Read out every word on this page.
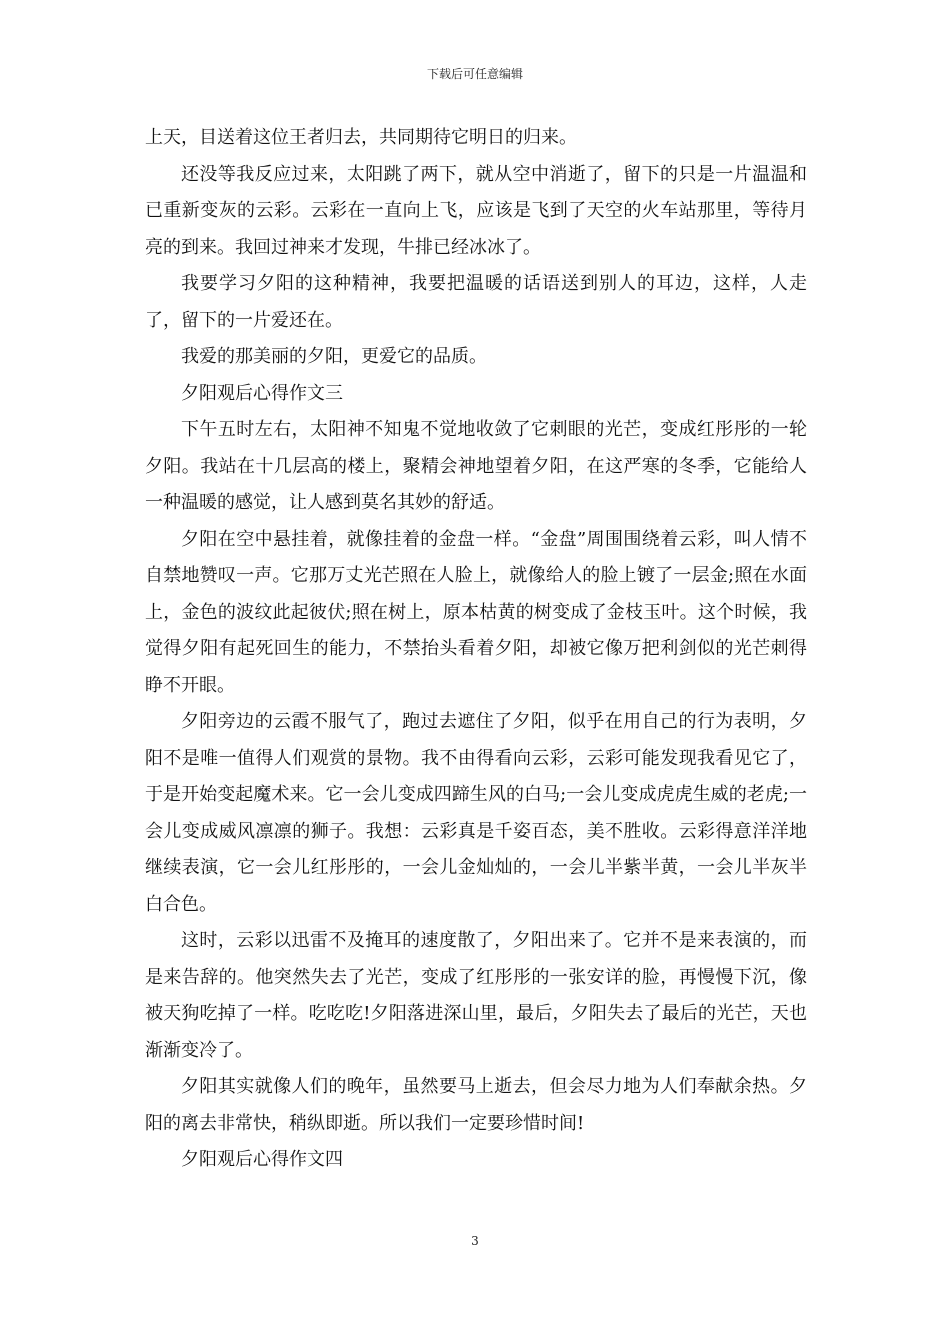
下载后可任意编辑

上天，目送着这位王者归去，共同期待它明日的归来。

还没等我反应过来，太阳跳了两下，就从空中消逝了，留下的只是一片温温和已重新变灰的云彩。云彩在一直向上飞，应该是飞到了天空的火车站那里，等待月亮的到来。我回过神来才发现，牛排已经冰冰了。

我要学习夕阳的这种精神，我要把温暖的话语送到别人的耳边，这样，人走了，留下的一片爱还在。

我爱的那美丽的夕阳，更爱它的品质。

夕阳观后心得作文三

下午五时左右，太阳神不知鬼不觉地收敛了它刺眼的光芒，变成红彤彤的一轮夕阳。我站在十几层高的楼上，聚精会神地望着夕阳，在这严寒的冬季，它能给人一种温暖的感觉，让人感到莫名其妙的舒适。

夕阳在空中悬挂着，就像挂着的金盘一样。“金盘”周围围绕着云彩，叫人情不自禁地赞叹一声。它那万丈光芒照在人脸上，就像给人的脸上镀了一层金;照在水面上，金色的波纹此起彼伏;照在树上，原本枯黄的树变成了金枝玉叶。这个时候，我觉得夕阳有起死回生的能力，不禁抬头看着夕阳，却被它像万把利剑似的光芒刺得睁不开眼。

夕阳旁边的云霞不服气了，跑过去遮住了夕阳，似乎在用自己的行为表明，夕阳不是唯一值得人们观赏的景物。我不由得看向云彩，云彩可能发现我看见它了，于是开始变起魔术来。它一会儿变成四蹄生风的白马;一会儿变成虎虎生威的老虎;一会儿变成威风凛凛的狮子。我想：云彩真是千姿百态，美不胜收。云彩得意洋洋地继续表演，它一会儿红彤彤的，一会儿金灿灿的，一会儿半紫半黄，一会儿半灰半白合色。

这时，云彩以迅雷不及掩耳的速度散了，夕阳出来了。它并不是来表演的，而是来告辞的。他突然失去了光芒，变成了红彤彤的一张安详的脸，再慢慢下沉，像被天狗吃掉了一样。吃吃吃!夕阳落进深山里，最后，夕阳失去了最后的光芒，天也渐渐变冷了。

夕阳其实就像人们的晚年，虽然要马上逝去，但会尽力地为人们奉献余热。夕阳的离去非常快，稍纵即逝。所以我们一定要珍惜时间!

夕阳观后心得作文四

3
